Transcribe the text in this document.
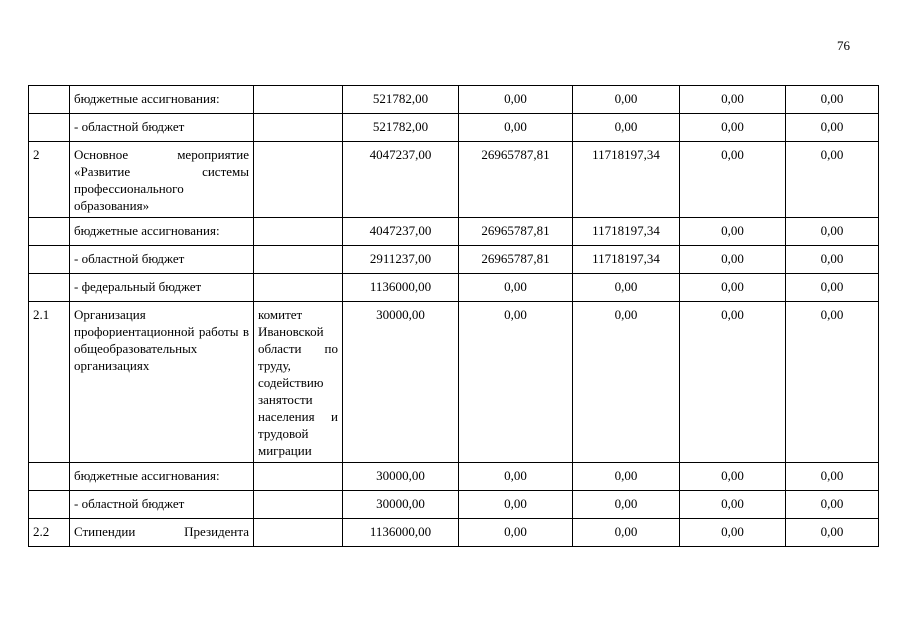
76
	бюджетные ассигнования:		521782,00	0,00	0,00	0,00	0,00
	- областной бюджет		521782,00	0,00	0,00	0,00	0,00
2	Основное мероприятие «Развитие системы профессионального образования»		4047237,00	26965787,81	11718197,34	0,00	0,00
	бюджетные ассигнования:		4047237,00	26965787,81	11718197,34	0,00	0,00
	- областной бюджет		2911237,00	26965787,81	11718197,34	0,00	0,00
	- федеральный бюджет		1136000,00	0,00	0,00	0,00	0,00
2.1	Организация профориентационной работы в общеобразовательных организациях	комитет Ивановской области по труду, содействию занятости населения и трудовой миграции	30000,00	0,00	0,00	0,00	0,00
	бюджетные ассигнования:		30000,00	0,00	0,00	0,00	0,00
	- областной бюджет		30000,00	0,00	0,00	0,00	0,00
2.2	Стипендии Президента		1136000,00	0,00	0,00	0,00	0,00
